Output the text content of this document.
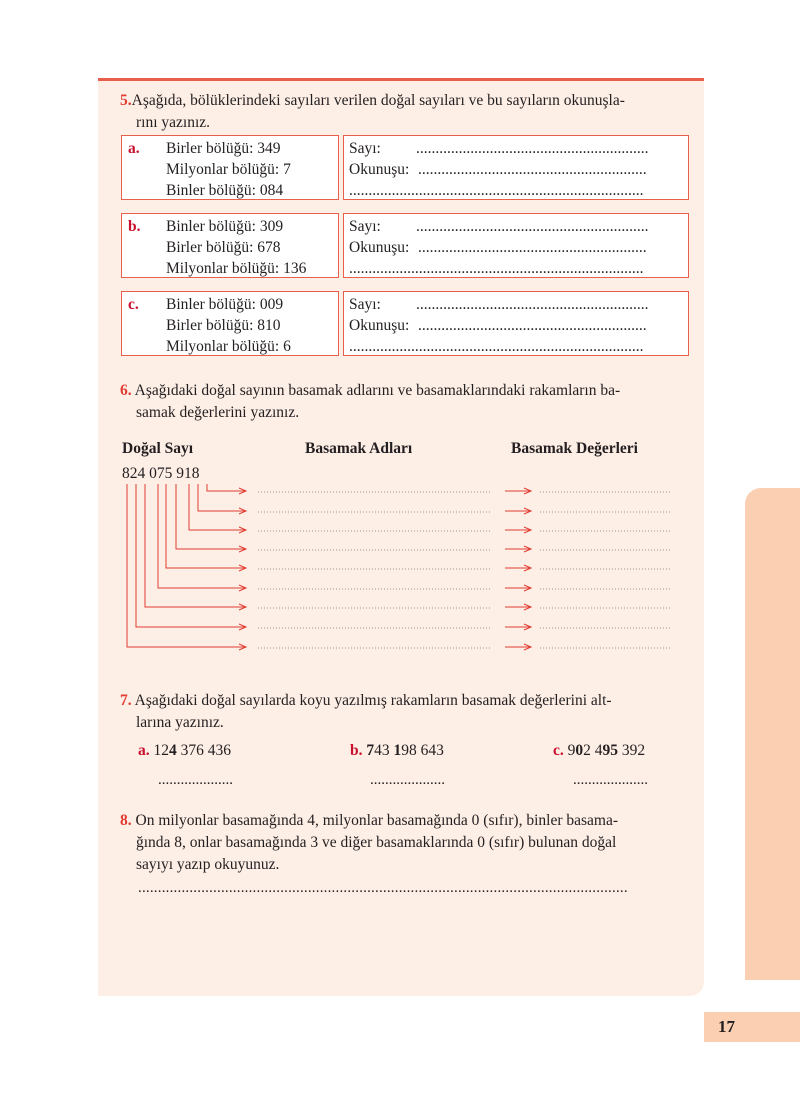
17
5.Aşağıda, bölüklerindeki sayıları verilen doğal sayıları ve bu sayıların okunuşla-
rını yazınız.
a. Birler bölüğü: 349
Milyonlar bölüğü: 7
Binler bölüğü: 084
Sayı: ............................................................
Okunuşu: ...........................................................
............................................................................
b. Binler bölüğü: 309
Birler bölüğü: 678
Milyonlar bölüğü: 136
Sayı: ............................................................
Okunuşu: ...........................................................
............................................................................
c. Binler bölüğü: 009
Birler bölüğü: 810
Milyonlar bölüğü: 6
Sayı: ............................................................
Okunuşu: ...........................................................
............................................................................
6. Aşağıdaki doğal sayının basamak adlarını ve basamaklarındaki rakamların ba-
samak değerlerini yazınız.
Doğal Sayı	Basamak Adları	Basamak Değerleri
824 075 918
7. Aşağıdaki doğal sayılarda koyu yazılmış rakamların basamak değerlerini alt-
larına yazınız.
a. 124 376 436
....................
b. 743 198 643
....................
c. 902 495 392
....................
8. On milyonlar basamağında 4, milyonlar basamağında 0 (sıfır), binler basama-
ğında 8, onlar basamağında 3 ve diğer basamaklarında 0 (sıfır) bulunan doğal
sayıyı yazıp okuyunuz.
............................................................................................................................
